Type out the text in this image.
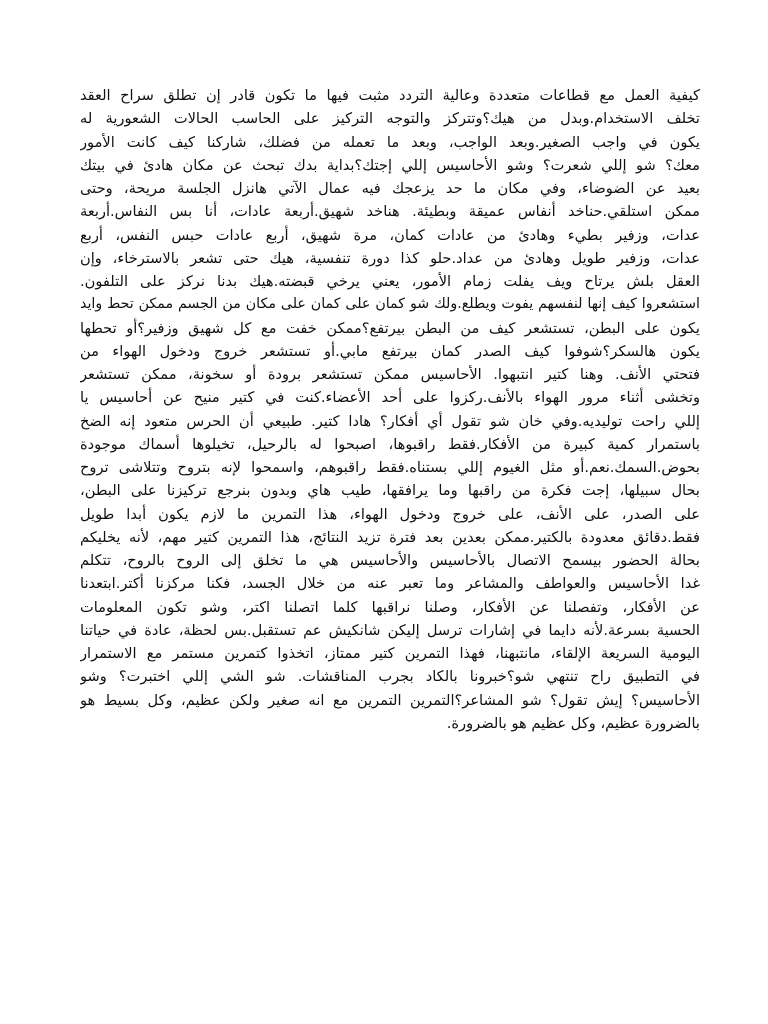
كيفية العمل مع قطاعات متعددة وعالية التردد مثبت فيها ما تكون قادر إن تطلق سراح العقد
تخلف الاستخدام.وبدل من هيك؟وتتركز والتوجه التركيز على الحاسب الحالات الشعورية له
يكون في واجب الصغير.وبعد الواجب، وبعد ما تعمله من فضلك، شاركنا كيف كانت الأمور
معك؟ شو إللي شعرت؟ وشو الأحاسيس إللي إجتك؟بداية بدك تبحث عن مكان هادئ في بيتك
بعيد عن الضوضاء، وفي مكان ما حد يزعجك فيه عمال الآتي هانزل الجلسة مريحة، وحتى
ممكن استلقي.حناخد أنفاس عميقة وبطيئة. هناخد شهيق.أربعة عادات، أنا بس النفاس.أربعة
عدات، وزفير بطيء وهادئ من عادات كمان، مرة شهيق، أربع عادات حبس النفس، أربع
عدات، وزفير طويل وهادئ من عداد.حلو كذا دورة تنفسية، هيك حتى تشعر بالاسترخاء، وإن
العقل بلش يرتاح ويف يفلت زمام الأمور، يعني يرخي قبضته.هيك بدنا نركز على التلفون.
استشعروا كيف إنها لنفسهم يفوت ويطلع.ولك شو كمان على كمان على مكان من الجسم ممكن تحط وايد
يكون على البطن، تستشعر كيف من البطن بيرتفع؟ممكن خفت مع كل شهيق وزفير؟أو تحطها
يكون هالسكر؟شوفوا كيف الصدر كمان بيرتفع مابي.أو تستشعر خروج ودخول الهواء من
فتحتي الأنف. وهنا كتير انتبهوا. الأحاسيس ممكن تستشعر برودة أو سخونة، ممكن تستشعر
وتخشى أثناء مرور الهواء بالأنف.ركزوا على أحد الأعضاء.كنت في كتير منيح عن أحاسيس يا
إللي راحت توليديه.وفي خان شو تقول أي أفكار؟ هادا كتير. طبيعي أن الحرس متعود إنه الضخ
باستمرار كمية كبيرة من الأفكار.فقط راقبوها، اصبحوا له بالرحيل، تخيلوها أسماك موجودة
بحوض.السمك.نعم.أو مثل الغيوم إللي بستناه.فقط راقبوهم، واسمحوا لإنه بتروح وتتلاشى تروح
بحال سبيلها، إجت فكرة من راقبها وما يرافقها، طيب هاي وبدون بنرجع تركيزنا على البطن،
على الصدر، على الأنف، على خروج ودخول الهواء، هذا التمرين ما لازم يكون أبدا طويل
فقط.دقائق معدودة بالكتير.ممكن بعدين بعد فترة تزيد النتائج، هذا التمرين كتير مهم، لأنه يخليكم
بحالة الحضور بيسمح الاتصال بالأحاسيس والأحاسيس هي ما تخلق إلى الروح بالروح، تتكلم
غدا الأحاسيس والعواطف والمشاعر وما تعبر عنه من خلال الجسد، فكنا مركزنا أكتر.ابتعدنا
عن الأفكار، وتفصلنا عن الأفكار، وصلنا نراقبها كلما اتصلنا اكتر، وشو تكون المعلومات
الحسية بسرعة.لأنه دايما في إشارات ترسل إليكن شانكيش عم تستقبل.بس لحظة، عادة في حياتنا
اليومية السريعة الإلقاء، مانتبهنا، فهذا التمرين كتير ممتاز، اتخذوا كتمرين مستمر مع الاستمرار
في التطبيق راح تنتهي شو؟خبرونا بالكاد بجرب المناقشات. شو الشي إللي اختبرت؟ وشو
الأحاسيس؟ إيش تقول؟ شو المشاعر؟التمرين التمرين مع انه صغير ولكن عظيم، وكل بسيط هو
بالضرورة عظيم، وكل عظيم هو بالضرورة.
